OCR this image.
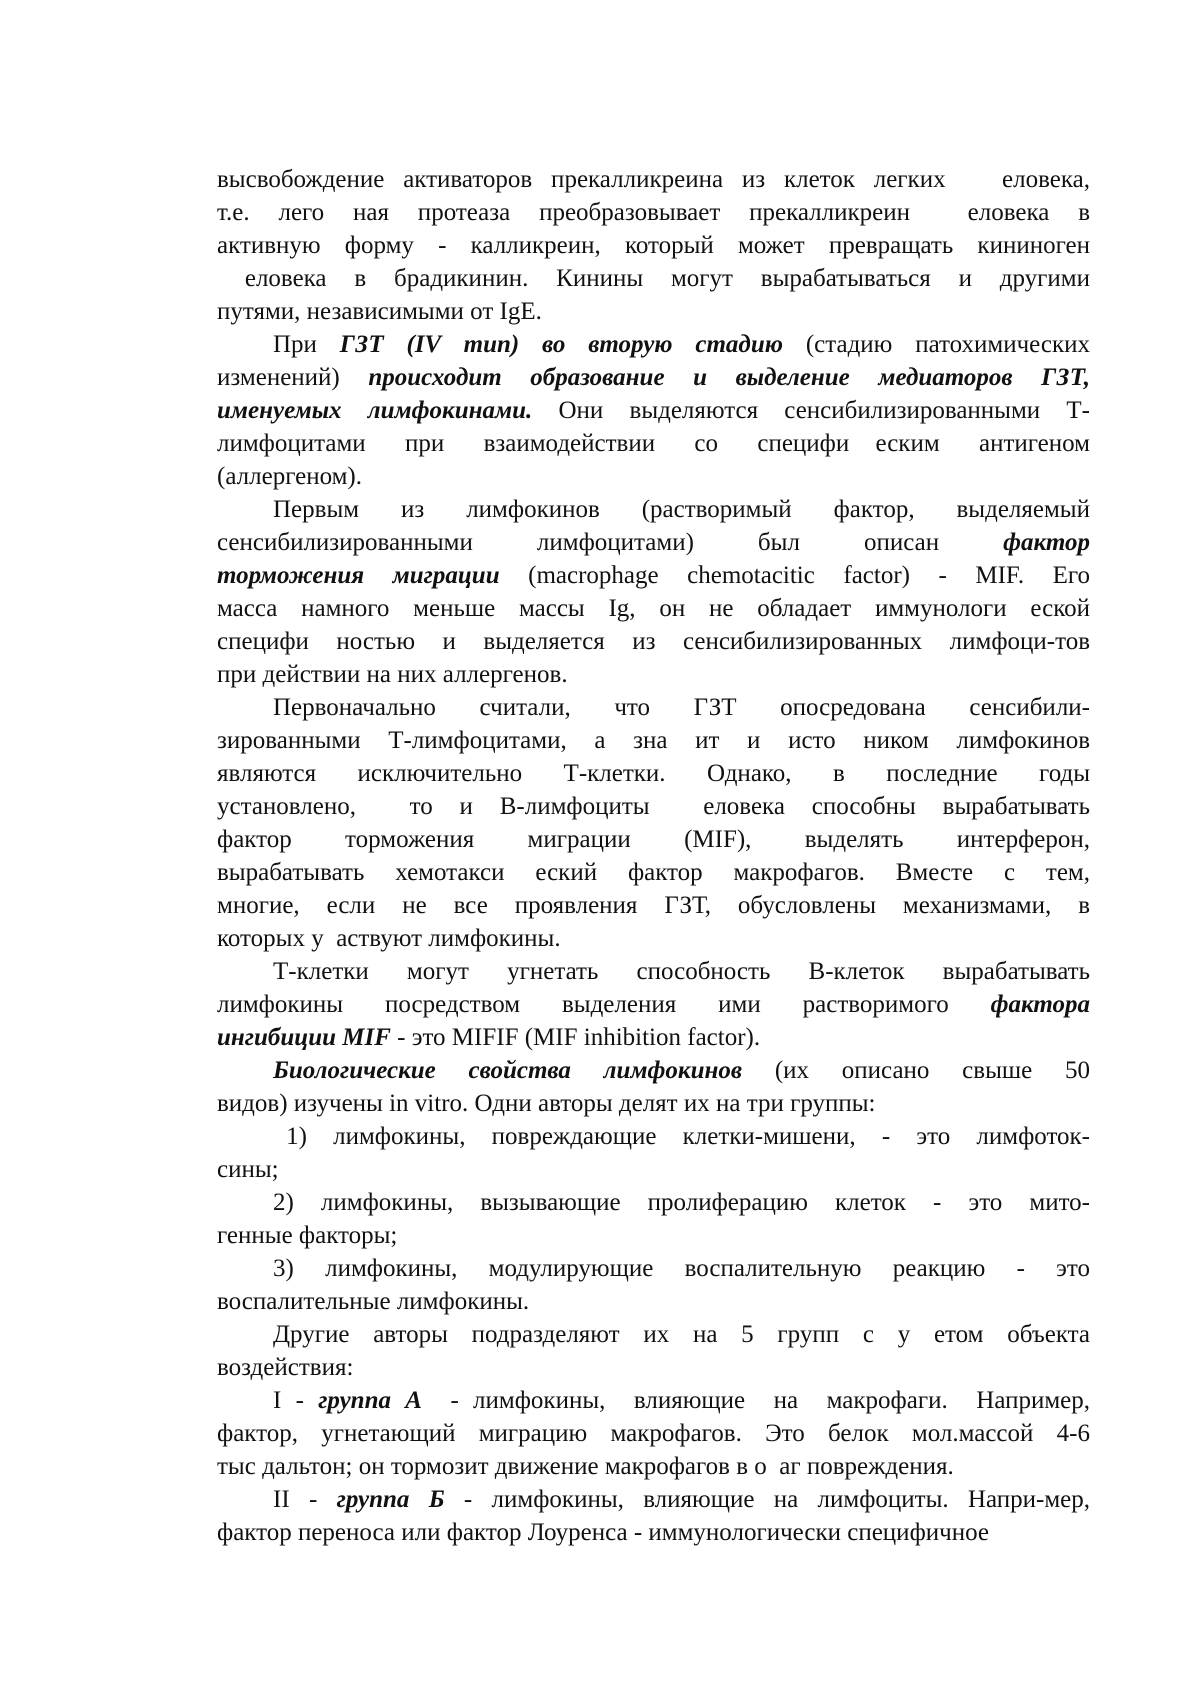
высвобождение активаторов прекалликреина из клеток легких   еловека,
т.е.  лего  ная  протеаза  преобразовывает  прекалликреин    еловека  в
активную  форму  -  калликреин,  который  может  превращать  кининоген
еловека  в  брадикинин.  Кинины  могут  вырабатываться  и  другими
путями, независимыми от IgE.
При ГЗТ (IV тип) во вторую стадию (стадию патохимических
изменений) происходит образование и выделение медиаторов ГЗТ,
именуемых лимфокинами. Они выделяются сенсибилизированными Т-
лимфоцитами   при   взаимодействии   со   специфи  еским   антигеном
(аллергеном).
Первым   из   лимфокинов   (растворимый   фактор,   выделяемый
сенсибилизированными     лимфоцитами)     был     описан     фактор
торможения миграции (macrophage chemotacitic factor) - MIF. Его
масса  намного  меньше  массы  Ig,  он  не  обладает  иммунологи  еской
специфи  ностью  и  выделяется  из  сенсибилизированных  лимфоци-тов
при действии на них аллергенов.
Первоначально    считали,    что    ГЗТ    опосредована    сенсибили-
зированными  Т-лимфоцитами,  а  зна  ит  и  исто  ником  лимфокинов
являются   исключительно   Т-клетки.   Однако,   в   последние   годы
установлено,    то  и  В-лимфоциты    еловека  способны  вырабатывать
фактор     торможения     миграции     (MIF),     выделять     интерферон,
вырабатывать  хемотакси  еский  фактор  макрофагов.  Вместе  с  тем,
многие,  если  не  все  проявления  ГЗТ,  обусловлены  механизмами,  в
которых у  аствуют лимфокины.
Т-клетки   могут   угнетать   способность   В-клеток   вырабатывать
лимфокины    посредством    выделения    ими    растворимого    фактора
ингибиции MIF - это MIFIF (MIF inhibition factor).
Биологические свойства лимфокинов (их описано свыше 50
видов) изучены in vitro. Одни авторы делят их на три группы:
1)  лимфокины,  повреждающие  клетки-мишени,  -  это  лимфоток-
сины;
2)  лимфокины,  вызывающие  пролиферацию  клеток  -  это  мито-
генные факторы;
3)  лимфокины,  модулирующие  воспалительную  реакцию  -  это
воспалительные лимфокины.
Другие  авторы  подразделяют  их  на  5  групп  с  у  етом  объекта
воздействия:
I - группа А  - лимфокины,  влияющие  на  макрофаги.  Например,
фактор,  угнетающий  миграцию  макрофагов.  Это  белок  мол.массой  4-6
тыс дальтон; он тормозит движение макрофагов в о  аг повреждения.
II - группа Б - лимфокины, влияющие на лимфоциты. Напри-мер,
фактор переноса или фактор Лоуренса - иммунологически специфичное
